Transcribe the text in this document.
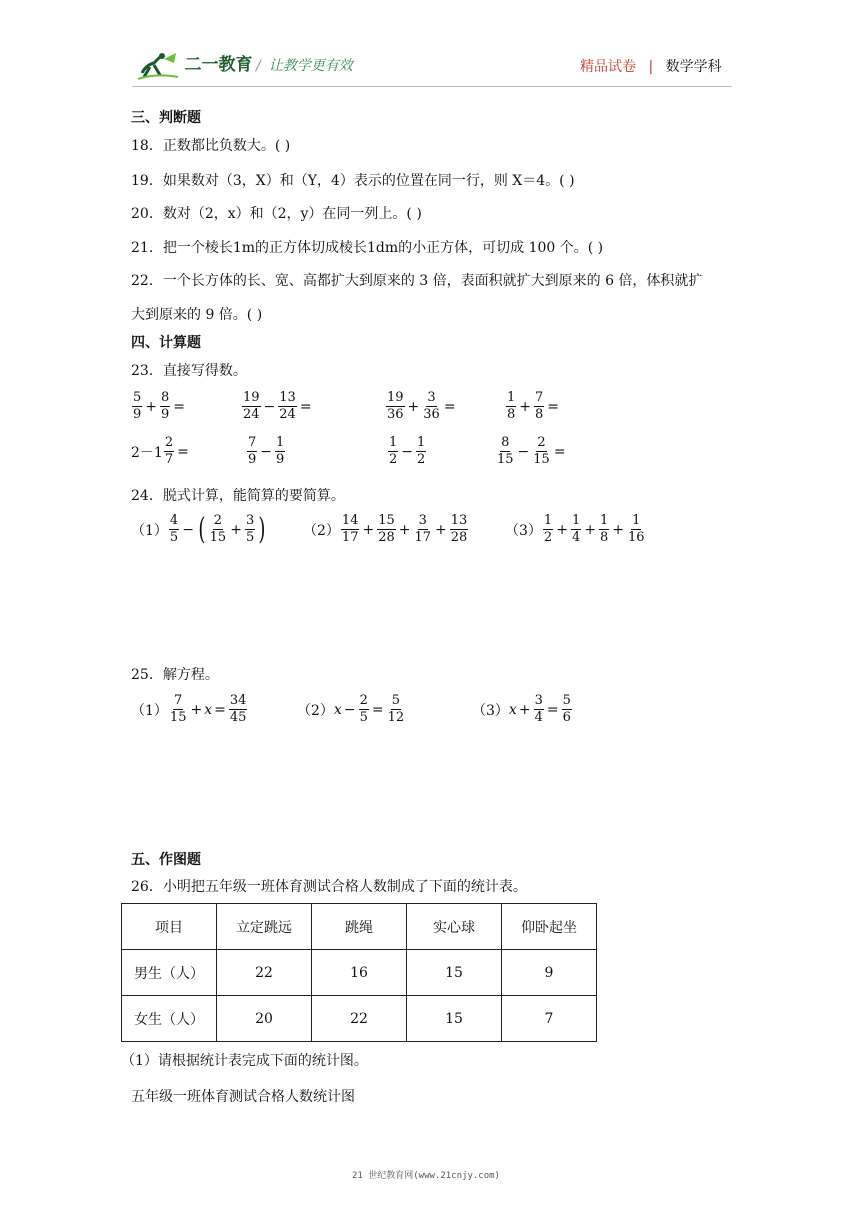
二一教育 / 让教学更有效	精品试卷 | 数学学科
三、判断题
18．正数都比负数大。( )
19．如果数对（3，X）和（Y，4）表示的位置在同一行，则 X＝4。( )
20．数对（2，x）和（2，y）在同一列上。( )
21．把一个棱长1m的正方体切成棱长1dm的小正方体，可切成 100 个。( )
22．一个长方体的长、宽、高都扩大到原来的 3 倍，表面积就扩大到原来的 6 倍，体积就扩
大到原来的 9 倍。( )
四、计算题
23．直接写得数。
$\frac{5}{9} + \frac{8}{9}$ =	$\frac{19}{24} - \frac{13}{24}$ =	$\frac{19}{36} + \frac{3}{36}$ =	$\frac{1}{8} + \frac{7}{8}$ =
$2-1 \frac{2}{7}$ =	$\frac{7}{9} - \frac{1}{9}$	$\frac{1}{2} - \frac{1}{2}$	$\frac{8}{15} - \frac{2}{15}$ =
24．脱式计算，能简算的要简算。
$(1) \frac{4}{5}$ − ( $\frac{2}{15} + \frac{3}{5}$ )	$(2) \frac{14}{17} + \frac{15}{28} + \frac{3}{17} + \frac{13}{28}$	$(3) \frac{1}{2} + \frac{1}{4} + \frac{1}{8} + \frac{1}{16}$
25．解方程。
$(1) \frac{7}{15} + x = \frac{34}{45}$	（2） $x - \frac{2}{5} = \frac{5}{12}$	（3） $x + \frac{3}{4} = \frac{5}{6}$
五、作图题
26．小明把五年级一班体育测试合格人数制成了下面的统计表。
项目	立定跳远	跳绳	实心球	仰卧起坐
男生（人）	22	16	15	9
女生（人）	20	22	15	7
（1）请根据统计表完成下面的统计图。
五年级一班体育测试合格人数统计图
21 世纪教育网(www.21cnjy.com)
